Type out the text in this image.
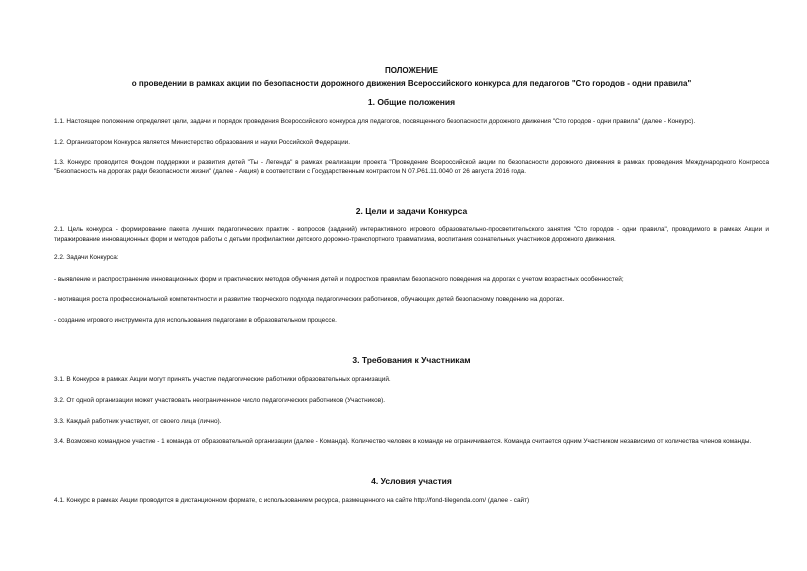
ПОЛОЖЕНИЕ

о проведении в рамках акции по безопасности дорожного движения Всероссийского конкурса для педагогов "Сто городов - одни правила"

1. Общие положения

1.1. Настоящее положение определяет цели, задачи и порядок проведения Всероссийского конкурса для педагогов, посвященного безопасности дорожного движения "Сто городов - одни правила" (далее - Конкурс).

1.2. Организатором Конкурса является Министерство образования и науки Российской Федерации.

1.3. Конкурс проводится Фондом поддержки и развития детей "Ты - Легенда" в рамках реализации проекта "Проведение Всероссийской акции по безопасности дорожного движения в рамках проведения Международного Конгресса "Безопасность на дорогах ради безопасности жизни" (далее - Акция) в соответствии с Государственным контрактом N 07.Р61.11.0040 от 26 августа 2016 года.

2. Цели и задачи Конкурса

2.1. Цель конкурса - формирование пакета лучших педагогических практик - вопросов (заданий) интерактивного игрового образовательно-просветительского занятия "Сто городов - одни правила", проводимого в рамках Акции и тиражирование инновационных форм и методов работы с детьми профилактики детского дорожно-транспортного травматизма, воспитания сознательных участников дорожного движения.

2.2. Задачи Конкурса:

- выявление и распространение инновационных форм и практических методов обучения детей и подростков правилам безопасного поведения на дорогах с учетом возрастных особенностей;

- мотивация роста профессиональной компетентности и развитие творческого подхода педагогических работников, обучающих детей безопасному поведению на дорогах.

- создание игрового инструмента для использования педагогами в образовательном процессе.

3. Требования к Участникам

3.1. В Конкурсе в рамках Акции могут принять участие педагогические работники образовательных организаций.

3.2. От одной организации может участвовать неограниченное число педагогических работников (Участников).

3.3. Каждый работник участвует, от своего лица (лично).

3.4. Возможно командное участие - 1 команда от образовательной организации (далее - Команда). Количество человек в команде не ограничивается. Команда считается одним Участником независимо от количества членов команды.

4. Условия участия

4.1. Конкурс в рамках Акции проводится в дистанционном формате, с использованием ресурса, размещенного на сайте http://fond-tilegenda.com/ (далее - сайт)
